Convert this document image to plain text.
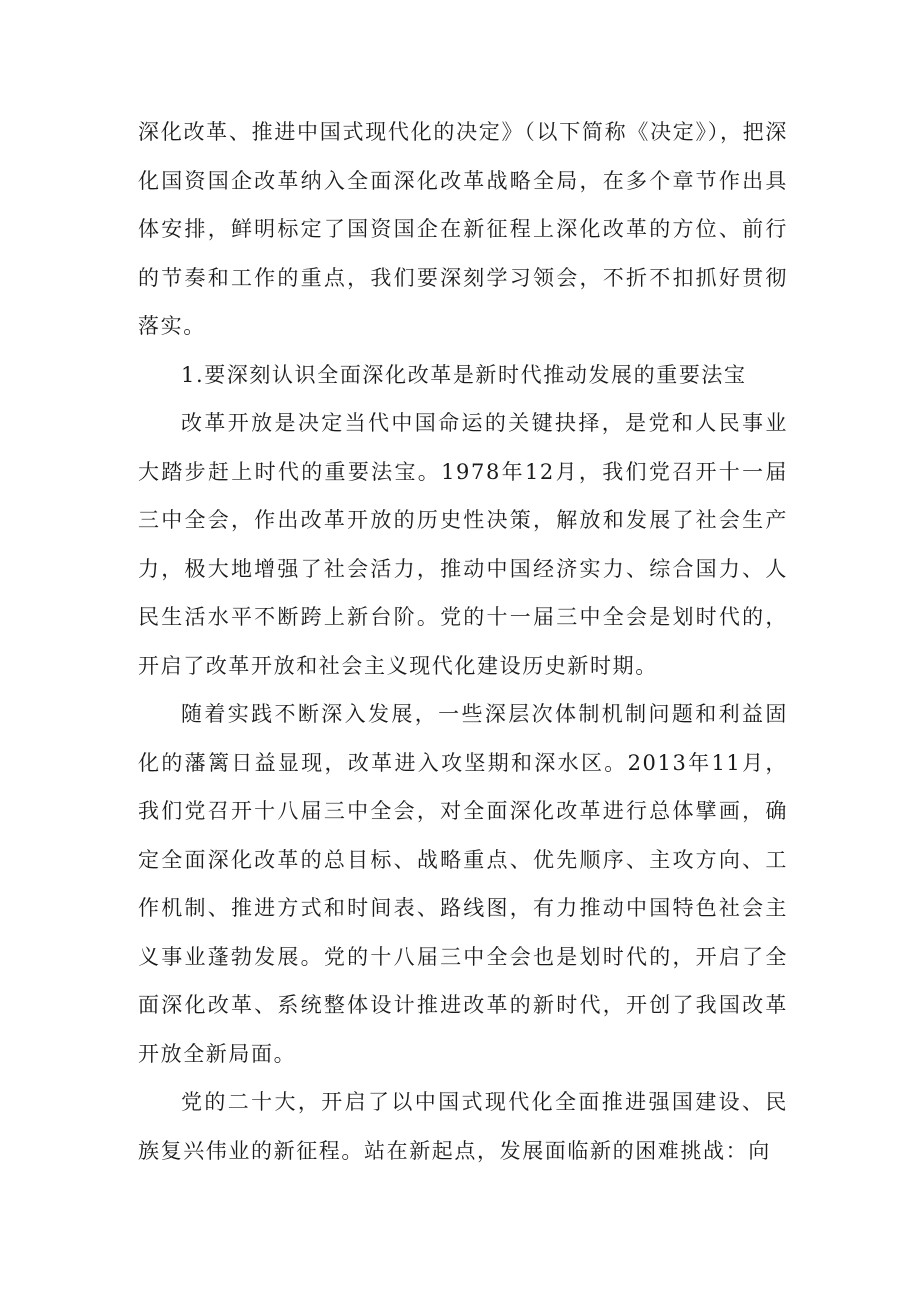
深化改革、推进中国式现代化的决定》（以下简称《决定》），把深化国资国企改革纳入全面深化改革战略全局，在多个章节作出具体安排，鲜明标定了国资国企在新征程上深化改革的方位、前行的节奏和工作的重点，我们要深刻学习领会，不折不扣抓好贯彻落实。

1.要深刻认识全面深化改革是新时代推动发展的重要法宝

改革开放是决定当代中国命运的关键抉择，是党和人民事业大踏步赶上时代的重要法宝。1978年12月，我们党召开十一届三中全会，作出改革开放的历史性决策，解放和发展了社会生产力，极大地增强了社会活力，推动中国经济实力、综合国力、人民生活水平不断跨上新台阶。党的十一届三中全会是划时代的，开启了改革开放和社会主义现代化建设历史新时期。

随着实践不断深入发展，一些深层次体制机制问题和利益固化的藩篱日益显现，改革进入攻坚期和深水区。2013年11月，我们党召开十八届三中全会，对全面深化改革进行总体擘画，确定全面深化改革的总目标、战略重点、优先顺序、主攻方向、工作机制、推进方式和时间表、路线图，有力推动中国特色社会主义事业蓬勃发展。党的十八届三中全会也是划时代的，开启了全面深化改革、系统整体设计推进改革的新时代，开创了我国改革开放全新局面。

党的二十大，开启了以中国式现代化全面推进强国建设、民族复兴伟业的新征程。站在新起点，发展面临新的困难挑战：向
